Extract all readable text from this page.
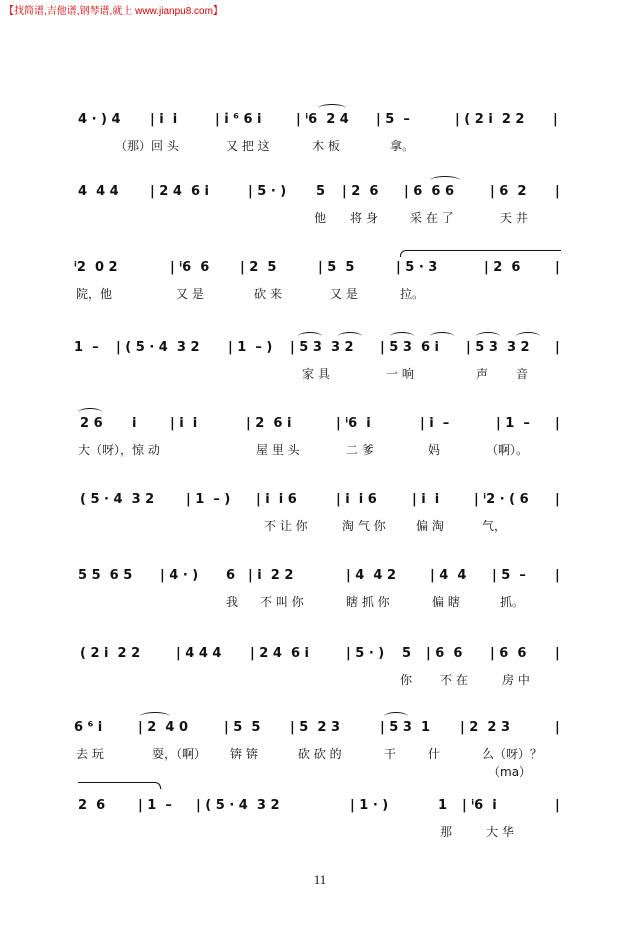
【找简谱,吉他谱,钢琴谱,就上 www.jianpu8.com】
4 · ) 4 | i  i	| i̇ ⁶ 6 i	| ⁱ6  2 4 | 5  –	| ( 2 i  2 2 |
（那）回 头	又 把 这	木 板	拿。
4  4 4 | 2 4  6 i	| 5 · ) 5 | 2  6 | 6  6 6	| 6  2 |
他 将 身	采 在 了	天 井
ⁱ2  0 2	| ⁱ6  6 | 2  5	| 5  5	| 5 · 3	| 2  6	|
院，他	又 是	砍 来	又 是	拉。
1  – | ( 5 · 4  3 2 | 1  – ) | 5 3  3 2 | 5 3  6 i | 5 3  3 2 |
家 具	一 响	声 音
2 6 i	| i  i	| 2  6 i	| ⁱ6  i	| i  –	| 1  – |
大（呀），惊 动	屋 里 头	二 爹	妈	（啊）。
( 5 · 4  3 2 | 1  – ) | i  i 6	| i  i 6	| i  i	| ⁱ2 · ( 6 |
不 让 你	淘 气 你	偏 淘	气，
5 5  6 5 | 4 · ) 6 | i  2 2	| 4  4 2	| 4  4 | 5  – |
我 不 叫 你	瞎 抓 你	偏 瞎	抓。
( 2 i  2 2	| 4 4 4 | 2 4  6 i	| 5 · ) 5 | 6  6 | 6  6 |
你 不 在	房 中
6 ⁶ i	| 2  4 0	| 5  5 | 5  2 3	| 5 3  1 | 2  2 3	|
去 玩	耍，（啊） 锛 锛	砍 砍 的	干	什	么（呀）？
（ma）
2  6	| 1  – | ( 5 · 4  3 2	| 1 · )	1 | ⁱ6  i	|
那	大 华
11
